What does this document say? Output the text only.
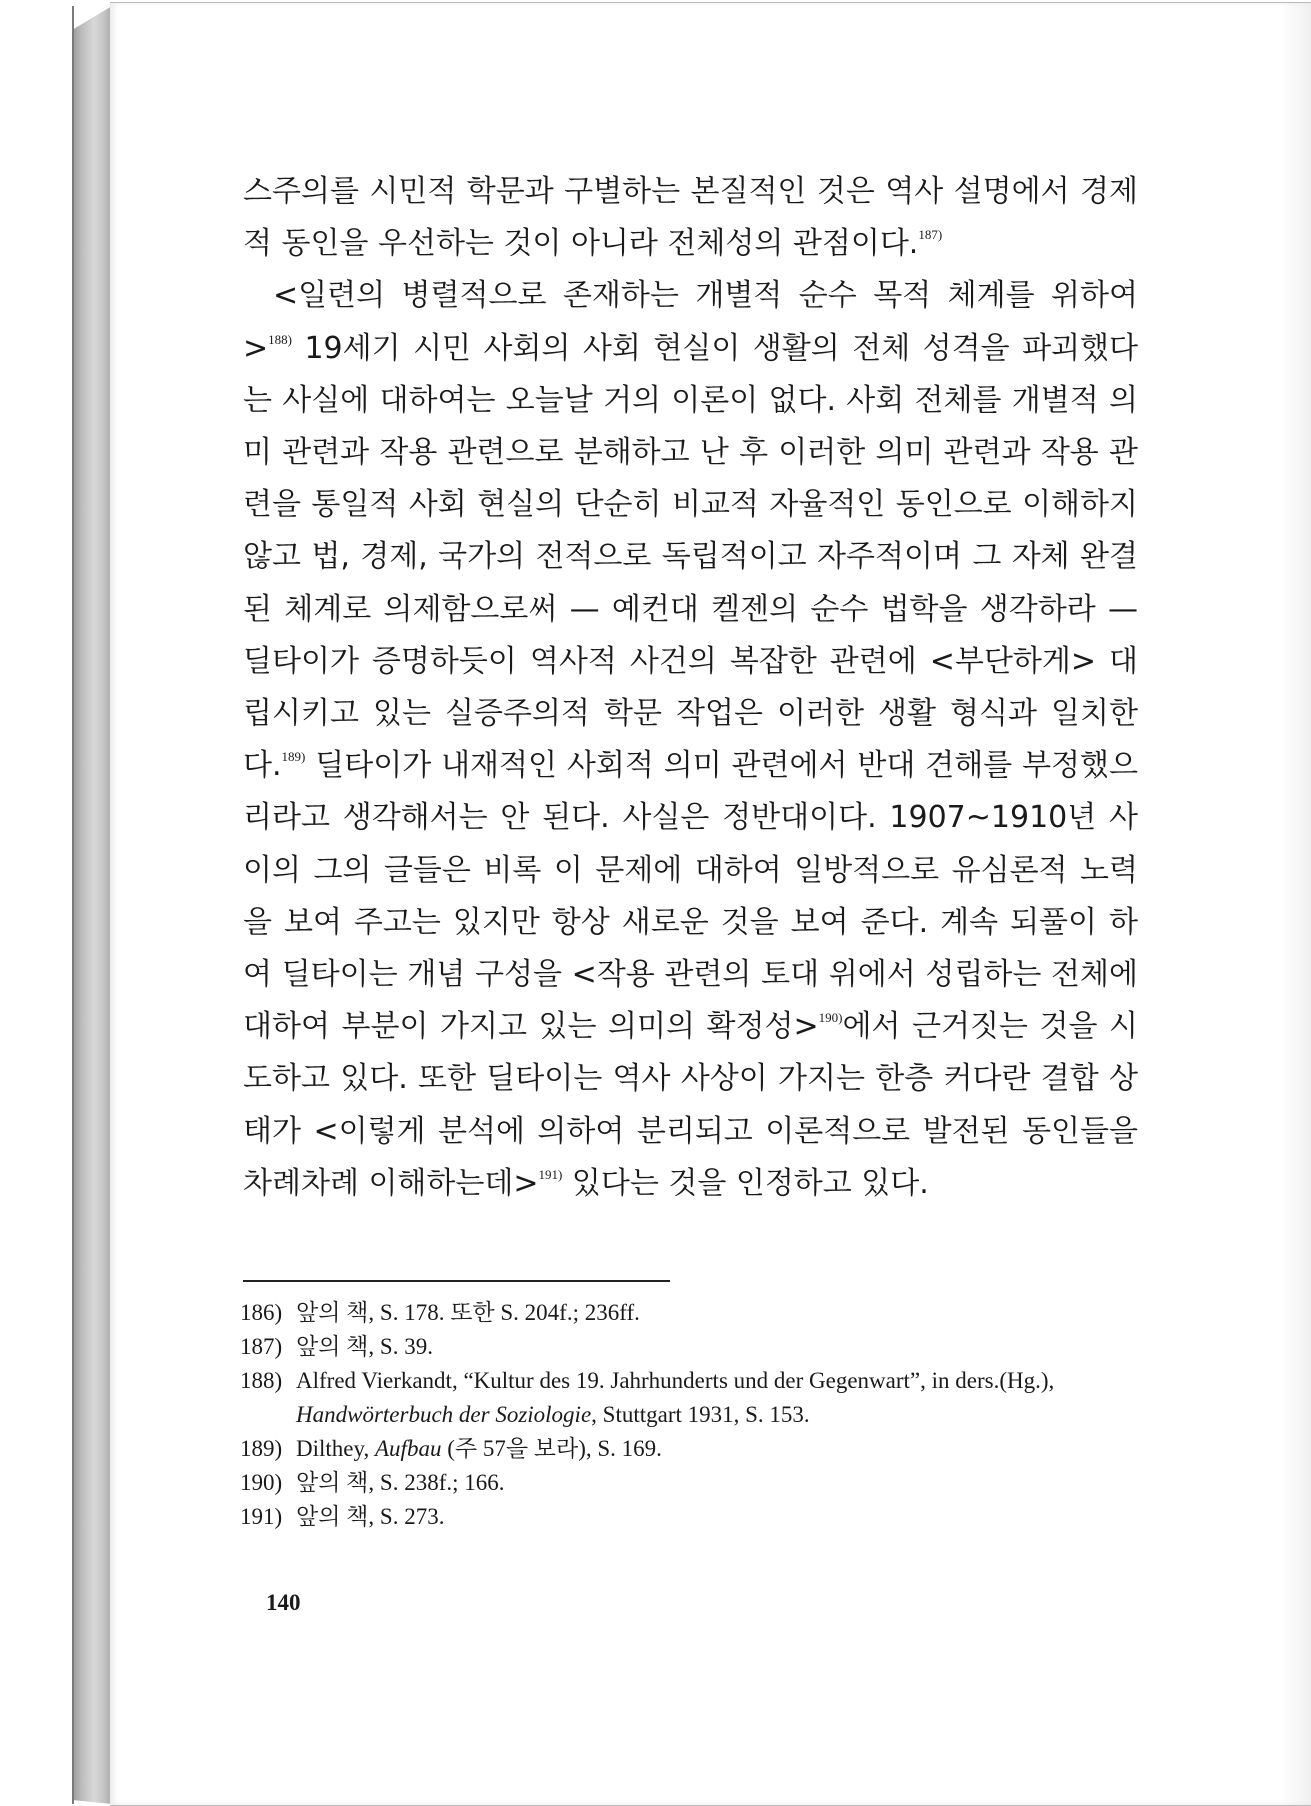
스주의를 시민적 학문과 구별하는 본질적인 것은 역사 설명에서 경제적 동인을 우선하는 것이 아니라 전체성의 관점이다.$^{187)}$

<일련의 병렬적으로 존재하는 개별적 순수 목적 체계를 위하여>$^{188)}$ 19세기 시민 사회의 사회 현실이 생활의 전체 성격을 파괴했다는 사실에 대하여는 오늘날 거의 이론이 없다. 사회 전체를 개별적 의미 관련과 작용 관련으로 분해하고 난 후 이러한 의미 관련과 작용 관련을 통일적 사회 현실의 단순히 비교적 자율적인 동인으로 이해하지 않고 법, 경제, 국가의 전적으로 독립적이고 자주적이며 그 자체 완결된 체계로 의제함으로써 — 예컨대 켈젠의 순수 법학을 생각하라 — 딜타이가 증명하듯이 역사적 사건의 복잡한 관련에 <부단하게> 대립시키고 있는 실증주의적 학문 작업은 이러한 생활 형식과 일치한다.$^{189)}$ 딜타이가 내재적인 사회적 의미 관련에서 반대 견해를 부정했으리라고 생각해서는 안 된다. 사실은 정반대이다. 1907~1910년 사이의 그의 글들은 비록 이 문제에 대하여 일방적으로 유심론적 노력을 보여 주고는 있지만 항상 새로운 것을 보여 준다. 계속 되풀이 하여 딜타이는 개념 구성을 <작용 관련의 토대 위에서 성립하는 전체에 대하여 부분이 가지고 있는 의미의 확정성>$^{190)}$에서 근거짓는 것을 시도하고 있다. 또한 딜타이는 역사 사상이 가지는 한층 커다란 결합 상태가 <이렇게 분석에 의하여 분리되고 이론적으로 발전된 동인들을 차례차례 이해하는데>$^{191)}$ 있다는 것을 인정하고 있다.

186) 앞의 책, S. 178. 또한 S. 204f.; 236ff.
187) 앞의 책, S. 39.
188) Alfred Vierkandt, “Kultur des 19. Jahrhunderts und der Gegenwart”, in ders.(Hg.), Handwörterbuch der Soziologie, Stuttgart 1931, S. 153.
189) Dilthey, Aufbau (주 57을 보라), S. 169.
190) 앞의 책, S. 238f.; 166.
191) 앞의 책, S. 273.
140
